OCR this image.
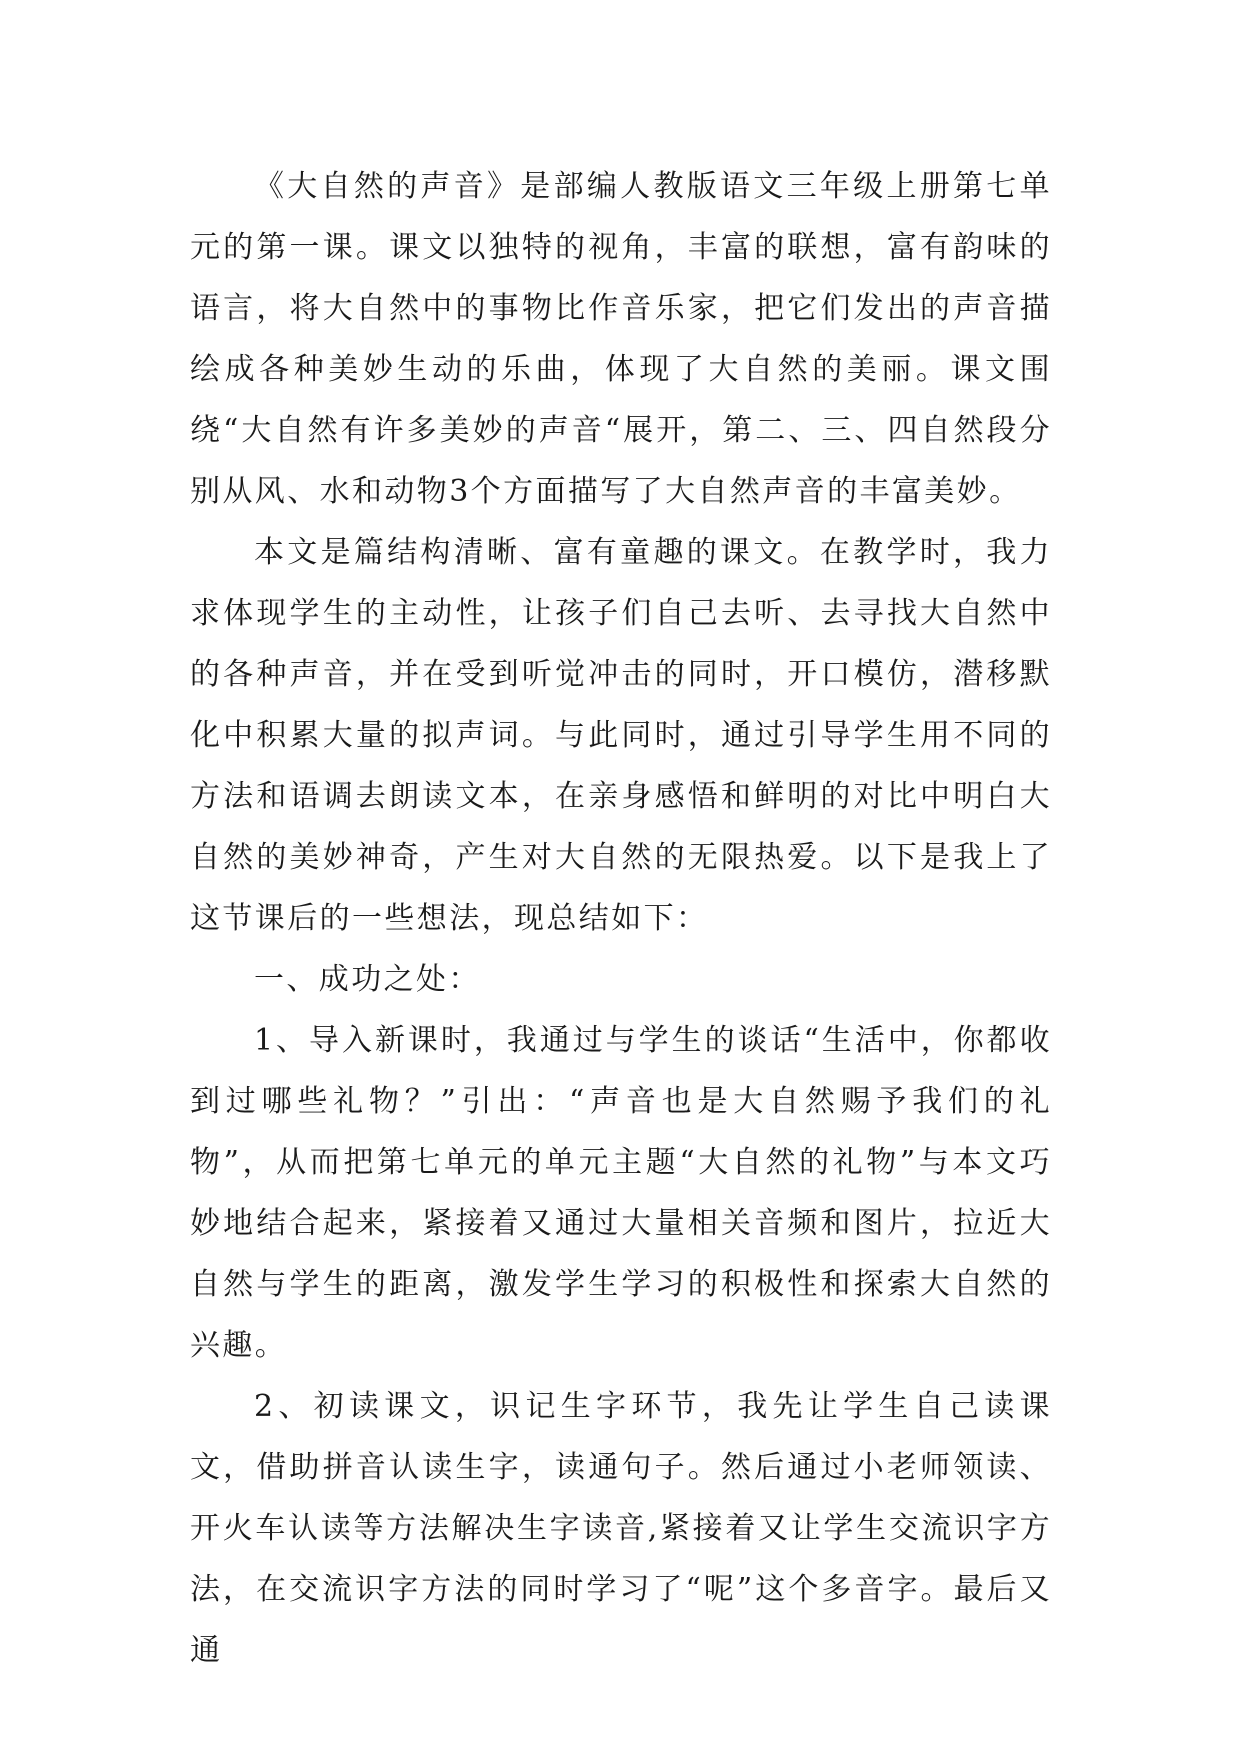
《大自然的声音》是部编人教版语文三年级上册第七单元的第一课。课文以独特的视角，丰富的联想，富有韵味的语言，将大自然中的事物比作音乐家，把它们发出的声音描绘成各种美妙生动的乐曲，体现了大自然的美丽。课文围绕“大自然有许多美妙的声音“展开，第二、三、四自然段分别从风、水和动物3个方面描写了大自然声音的丰富美妙。

本文是篇结构清晰、富有童趣的课文。在教学时，我力求体现学生的主动性，让孩子们自己去听、去寻找大自然中的各种声音，并在受到听觉冲击的同时，开口模仿，潜移默化中积累大量的拟声词。与此同时，通过引导学生用不同的方法和语调去朗读文本，在亲身感悟和鲜明的对比中明白大自然的美妙神奇，产生对大自然的无限热爱。以下是我上了这节课后的一些想法，现总结如下：

一、成功之处：

1、导入新课时，我通过与学生的谈话“生活中，你都收到过哪些礼物？”引出：“声音也是大自然赐予我们的礼物”，从而把第七单元的单元主题“大自然的礼物”与本文巧妙地结合起来，紧接着又通过大量相关音频和图片，拉近大自然与学生的距离，激发学生学习的积极性和探索大自然的兴趣。

2、初读课文，识记生字环节，我先让学生自己读课文，借助拼音认读生字，读通句子。然后通过小老师领读、开火车认读等方法解决生字读音,紧接着又让学生交流识字方法，在交流识字方法的同时学习了“呢”这个多音字。最后又通
